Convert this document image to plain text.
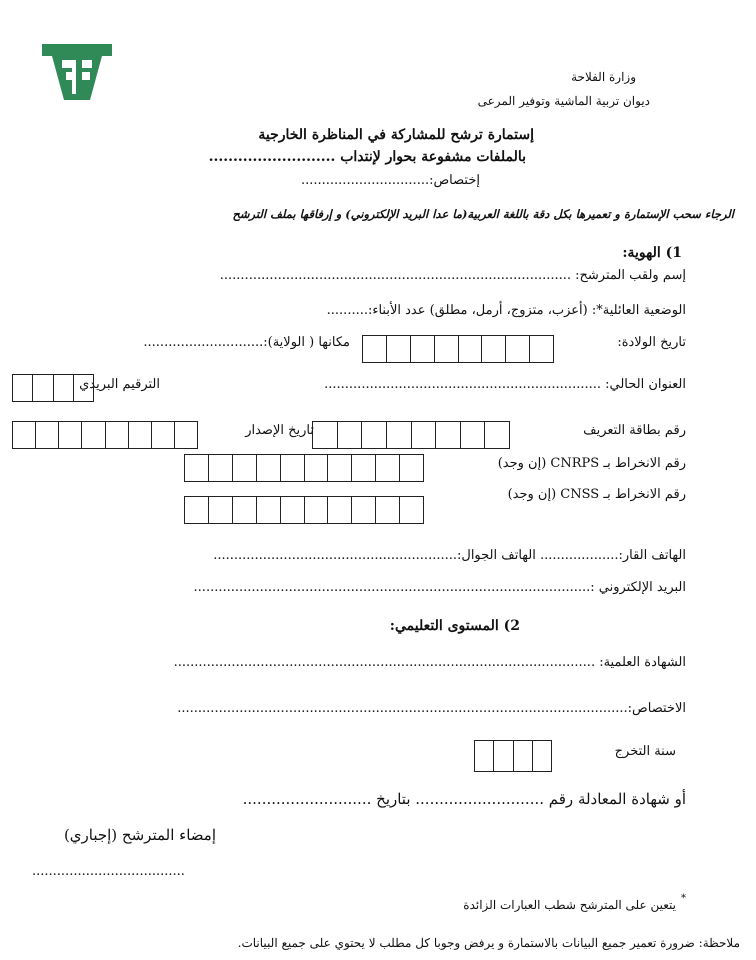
وزارة الفلاحة
ديوان تربية الماشية وتوفير المرعى
إستمارة ترشح للمشاركة في المناظرة الخارجية
بالملفات مشفوعة بحوار لإنتداب ..........................
إختصاص:...............................
الرجاء سحب الإستمارة و تعميرها بكل دقة باللغة العربية(ما عدا البريد الإلكتروني) و إرفاقها بملف الترشح
1) الهوية:
إسم ولقب المترشح: .....................................................................................
الوضعية العائلية*: (أعزب، متزوج، أرمل، مطلق) عدد الأبناء:..........
تاريخ الولادة:
مكانها ( الولاية):.............................
العنوان الحالي: ...................................................................
الترقيم البريدي
رقم بطاقة التعريف
تاريخ الإصدار
رقم الانخراط بـ CNRPS (إن وجد)
رقم الانخراط بـ CNSS (إن وجد)
الهاتف القار:................... الهاتف الجوال:...........................................................
البريد الإلكتروني :................................................................................................
2) المستوى التعليمي:
الشهادة العلمية: ......................................................................................................
الاختصاص:.............................................................................................................
سنة التخرج
أو شهادة المعادلة رقم ........................... بتاريخ ...........................
إمضاء المترشح (إجباري)
.....................................
*
يتعين على المترشح شطب العبارات الزائدة
ملاحظة: ضرورة تعمير جميع البيانات بالاستمارة و يرفض وجوبا كل مطلب لا يحتوي على جميع البيانات.
